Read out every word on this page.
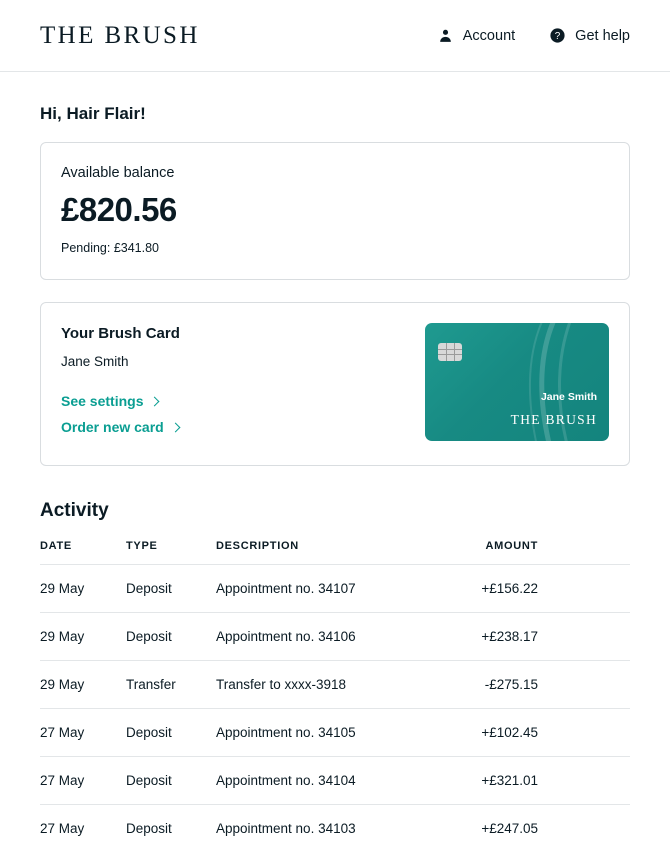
THE BRUSH	Account	? Get help
Hi, Hair Flair!
Available balance
£820.56
Pending: £341.80
Your Brush Card
Jane Smith
See settings
Order new card
Jane Smith
THE BRUSH
Activity
DATE	TYPE	DESCRIPTION	AMOUNT
29 May	Deposit	Appointment no. 34107	+£156.22
29 May	Deposit	Appointment no. 34106	+£238.17
29 May	Transfer	Transfer to xxxx-3918	-£275.15
27 May	Deposit	Appointment no. 34105	+£102.45
27 May	Deposit	Appointment no. 34104	+£321.01
27 May	Deposit	Appointment no. 34103	+£247.05
